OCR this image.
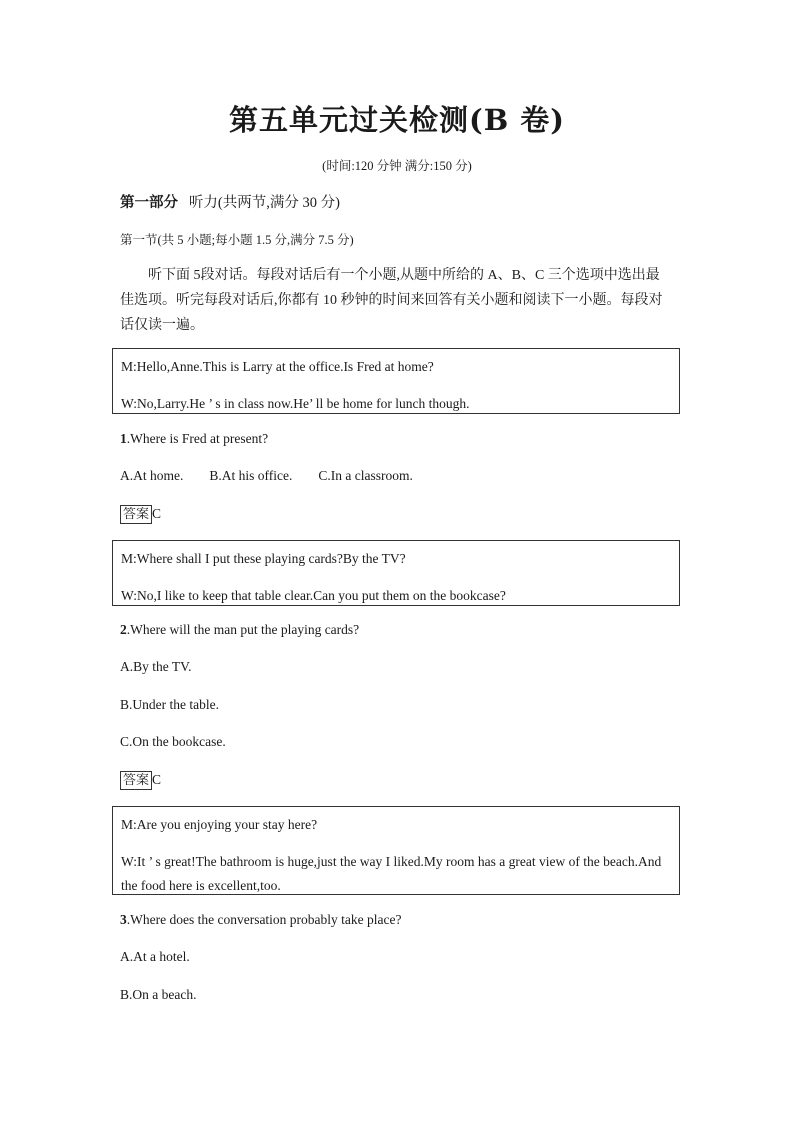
第五单元过关检测(B 卷)
(时间:120 分钟 满分:150 分)
第一部分 听力(共两节,满分 30 分)
第一节(共 5 小题;每小题 1.5 分,满分 7.5 分)
听下面 5段对话。每段对话后有一个小题,从题中所给的 A、B、C 三个选项中选出最佳选项。听完每段对话后,你都有 10 秒钟的时间来回答有关小题和阅读下一小题。每段对话仅读一遍。

M:Hello,Anne.This is Larry at the office.Is Fred at home?

W:No,Larry.He ’ s in class now.He’ ll be home for lunch though.

1.Where is Fred at present?
A.At home. B.At his office. C.In a classroom.
答案 C

M:Where shall I put these playing cards?By the TV?

W:No,I like to keep that table clear.Can you put them on the bookcase?

2.Where will the man put the playing cards?
A.By the TV.
B.Under the table.
C.On the bookcase.
答案 C

M:Are you enjoying your stay here?

W:It ’ s great!The bathroom is huge,just the way I liked.My room has a great view of the beach.And the food here is excellent,too.

3.Where does the conversation probably take place?
A.At a hotel.
B.On a beach.
